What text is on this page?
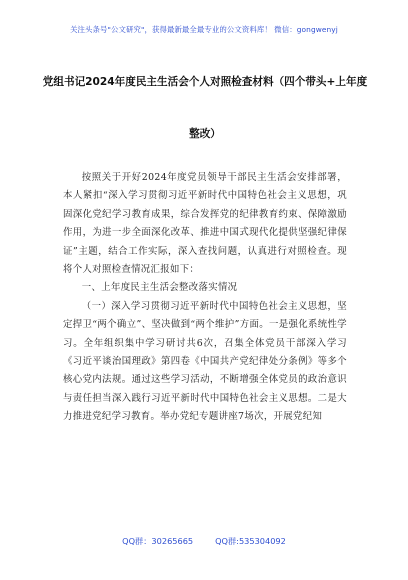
关注头条号"公文研究"，获得最新最全最专业的公文资料库！ 微信：gongwenyj
党组书记2024年度民主生活会个人对照检查材料（四个带头+上年度整改）

按照关于开好2024年度党员领导干部民主生活会安排部署，本人紧扣“深入学习贯彻习近平新时代中国特色社会主义思想，巩固深化党纪学习教育成果，综合发挥党的纪律教育约束、保障激励作用，为进一步全面深化改革、推进中国式现代化提供坚强纪律保证”主题，结合工作实际，深入查找问题，认真进行对照检查。现将个人对照检查情况汇报如下：

一、上年度民主生活会整改落实情况

（一）深入学习贯彻习近平新时代中国特色社会主义思想，坚定捍卫“两个确立”、坚决做到“两个维护”方面。一是强化系统性学习。全年组织集中学习研讨共6次，召集全体党员干部深入学习《习近平谈治国理政》第四卷《中国共产党纪律处分条例》等多个核心党内法规。通过这些学习活动，不断增强全体党员的政治意识与责任担当深入践行习近平新时代中国特色社会主义思想。二是大力推进党纪学习教育。举办党纪专题讲座7场次，开展党纪知

QQ群：30265665	QQ群:535304092
